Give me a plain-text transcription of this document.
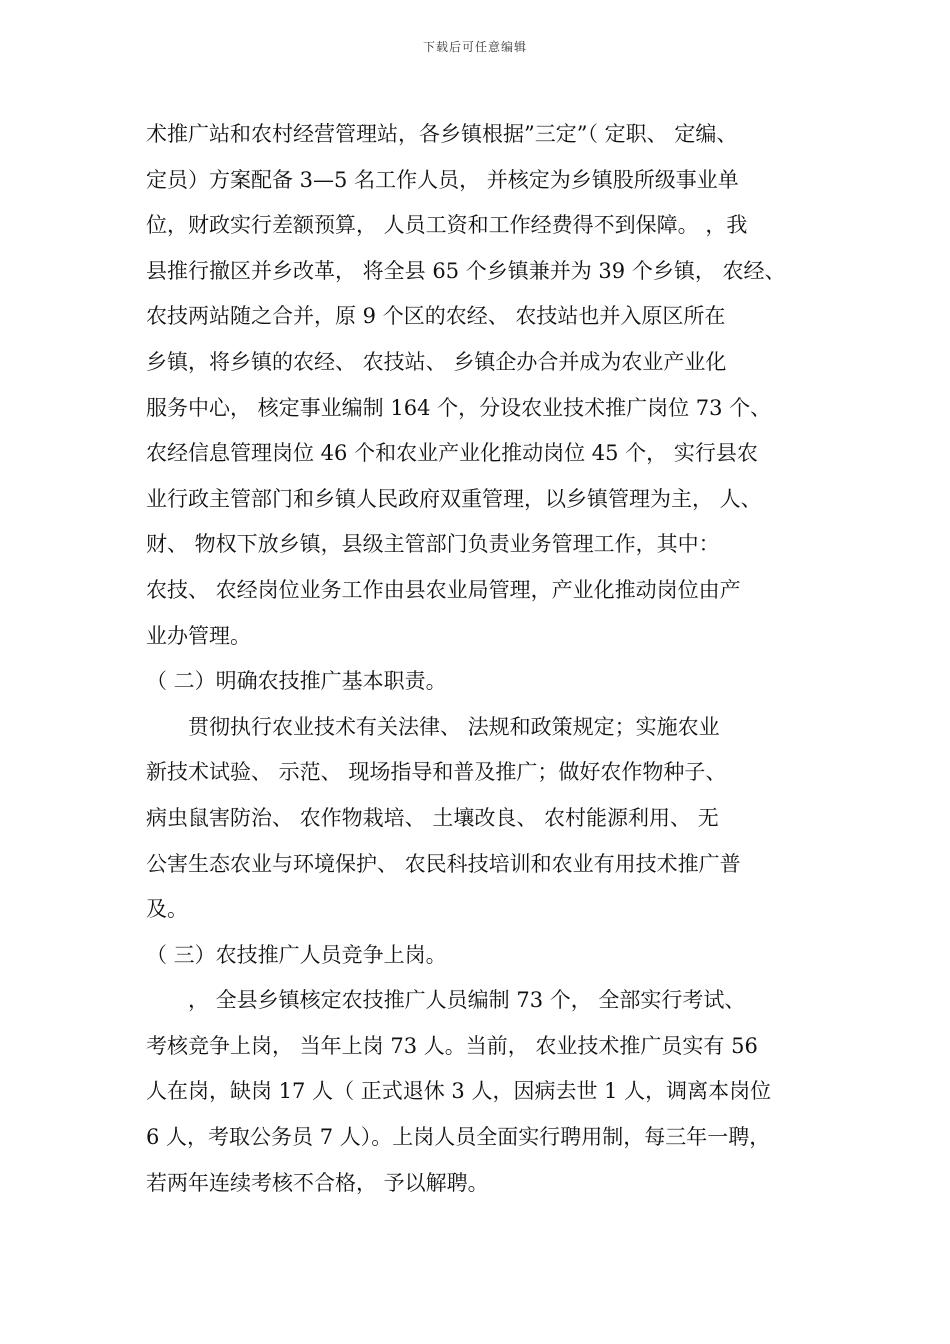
下载后可任意编辑
术推广站和农村经营管理站，各乡镇根据”三定”（ 定职、 定编、
定员）方案配备 3—5 名工作人员， 并核定为乡镇股所级事业单
位，财政实行差额预算， 人员工资和工作经费得不到保障。 ，我
县推行撤区并乡改革， 将全县 65 个乡镇兼并为 39 个乡镇， 农经、
农技两站随之合并，原 9 个区的农经、 农技站也并入原区所在
乡镇，将乡镇的农经、 农技站、 乡镇企办合并成为农业产业化
服务中心， 核定事业编制 164 个，分设农业技术推广岗位 73 个、
农经信息管理岗位 46 个和农业产业化推动岗位 45 个， 实行县农
业行政主管部门和乡镇人民政府双重管理，以乡镇管理为主， 人、
财、 物权下放乡镇，县级主管部门负责业务管理工作，其中：
农技、 农经岗位业务工作由县农业局管理，产业化推动岗位由产
业办管理。
（ 二）明确农技推广基本职责。
　　贯彻执行农业技术有关法律、 法规和政策规定；实施农业
新技术试验、 示范、 现场指导和普及推广；做好农作物种子、
病虫鼠害防治、 农作物栽培、 土壤改良、 农村能源利用、 无
公害生态农业与环境保护、 农民科技培训和农业有用技术推广普
及。
（ 三）农技推广人员竞争上岗。
　　， 全县乡镇核定农技推广人员编制 73 个， 全部实行考试、
考核竞争上岗， 当年上岗 73 人。当前， 农业技术推广员实有 56
人在岗，缺岗 17 人（ 正式退休 3 人，因病去世 1 人，调离本岗位
6 人，考取公务员 7 人）。上岗人员全面实行聘用制，每三年一聘，
若两年连续考核不合格， 予以解聘。
